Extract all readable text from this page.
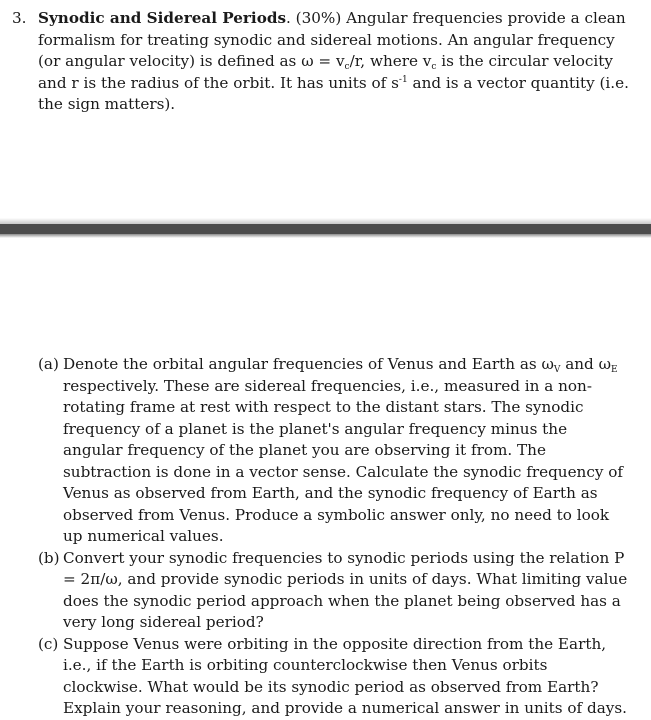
3. Synodic and Sidereal Periods. (30%) Angular frequencies provide a clean formalism for treating synodic and sidereal motions. An angular frequency (or angular velocity) is defined as $\omega = v_c/r$, where $v_c$ is the circular velocity and r is the radius of the orbit. It has units of $s^{-1}$ and is a vector quantity (i.e. the sign matters).
(a) Denote the orbital angular frequencies of Venus and Earth as $\omega_V$ and $\omega_E$ respectively. These are sidereal frequencies, i.e., measured in a non-rotating frame at rest with respect to the distant stars. The synodic frequency of a planet is the planet's angular frequency minus the angular frequency of the planet you are observing it from. The subtraction is done in a vector sense. Calculate the synodic frequency of Venus as observed from Earth, and the synodic frequency of Earth as observed from Venus. Produce a symbolic answer only, no need to look up numerical values.
(b) Convert your synodic frequencies to synodic periods using the relation P = 2π/ω, and provide synodic periods in units of days. What limiting value does the synodic period approach when the planet being observed has a very long sidereal period?
(c) Suppose Venus were orbiting in the opposite direction from the Earth, i.e., if the Earth is orbiting counterclockwise then Venus orbits clockwise. What would be its synodic period as observed from Earth? Explain your reasoning, and provide a numerical answer in units of days.
